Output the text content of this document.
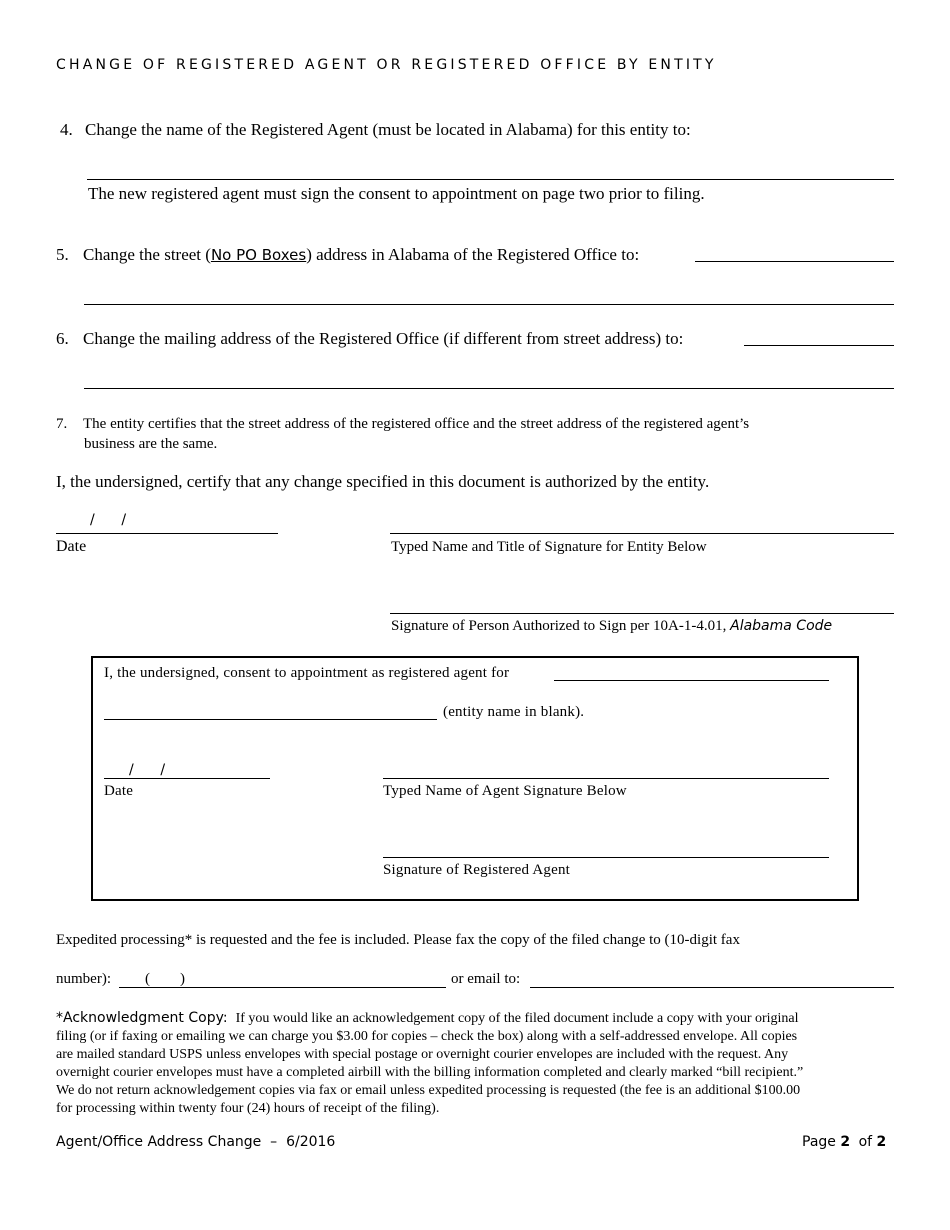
CHANGE OF REGISTERED AGENT OR REGISTERED OFFICE BY ENTITY
4. Change the name of the Registered Agent (must be located in Alabama) for this entity to:
The new registered agent must sign the consent to appointment on page two prior to filing.
5. Change the street (No PO Boxes) address in Alabama of the Registered Office to:
6. Change the mailing address of the Registered Office (if different from street address) to:
7. The entity certifies that the street address of the registered office and the street address of the registered agent’s
business are the same.
I, the undersigned, certify that any change specified in this document is authorized by the entity.
/      /
Date	Typed Name and Title of Signature for Entity Below
Signature of Person Authorized to Sign per 10A-1-4.01, Alabama Code
I, the undersigned, consent to appointment as registered agent for
(entity name in blank).
/      /
Date	Typed Name of Agent Signature Below
Signature of Registered Agent
Expedited processing* is requested and the fee is included. Please fax the copy of the filed change to (10-digit fax
number): (        )	or email to:
*Acknowledgment Copy: If you would like an acknowledgement copy of the filed document include a copy with your original
filing (or if faxing or emailing we can charge you $3.00 for copies – check the box) along with a self-addressed envelope. All copies
are mailed standard USPS unless envelopes with special postage or overnight courier envelopes are included with the request. Any
overnight courier envelopes must have a completed airbill with the billing information completed and clearly marked “bill recipient.”
We do not return acknowledgement copies via fax or email unless expedited processing is requested (the fee is an additional $100.00
for processing within twenty four (24) hours of receipt of the filing).
Agent/Office Address Change  –  6/2016	Page 2 of 2
